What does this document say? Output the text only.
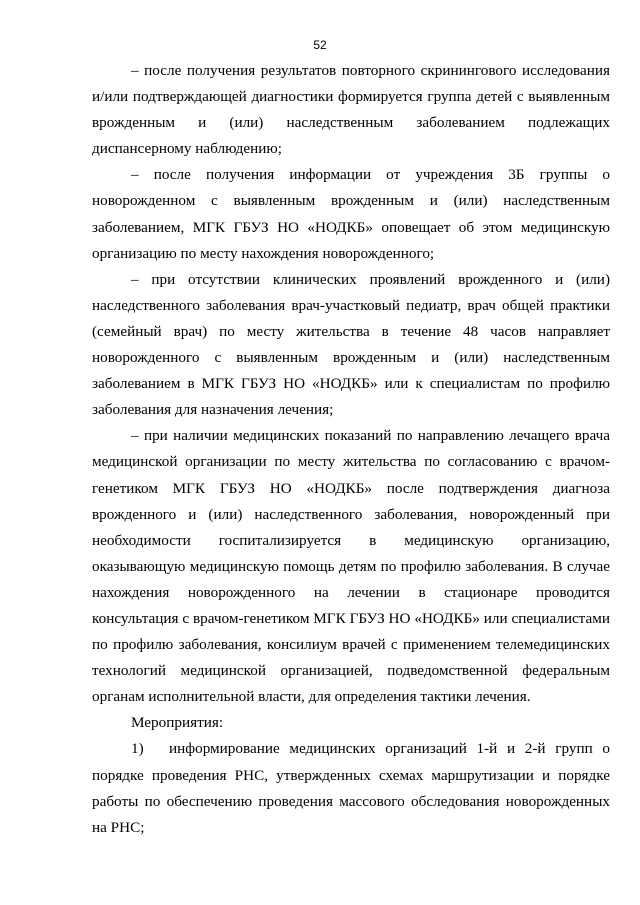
52

– после получения результатов повторного скринингового исследования и/или подтверждающей диагностики формируется группа детей с выявленным врожденным и (или) наследственным заболеванием подлежащих диспансерному наблюдению;

– после получения информации от учреждения 3Б группы о новорожденном с выявленным врожденным и (или) наследственным заболеванием, МГК ГБУЗ НО «НОДКБ» оповещает об этом медицинскую организацию по месту нахождения новорожденного;

– при отсутствии клинических проявлений врожденного и (или) наследственного заболевания врач-участковый педиатр, врач общей практики (семейный врач) по месту жительства в течение 48 часов направляет новорожденного с выявленным врожденным и (или) наследственным заболеванием в МГК ГБУЗ НО «НОДКБ» или к специалистам по профилю заболевания для назначения лечения;

– при наличии медицинских показаний по направлению лечащего врача медицинской организации по месту жительства по согласованию с врачом-генетиком МГК ГБУЗ НО «НОДКБ» после подтверждения диагноза врожденного и (или) наследственного заболевания, новорожденный при необходимости госпитализируется в медицинскую организацию, оказывающую медицинскую помощь детям по профилю заболевания. В случае нахождения новорожденного на лечении в стационаре проводится консультация с врачом-генетиком МГК ГБУЗ НО «НОДКБ» или специалистами по профилю заболевания, консилиум врачей с применением телемедицинских технологий медицинской организацией, подведомственной федеральным органам исполнительной власти, для определения тактики лечения.

Мероприятия:

1) информирование медицинских организаций 1-й и 2-й групп о порядке проведения РНС, утвержденных схемах маршрутизации и порядке работы по обеспечению проведения массового обследования новорожденных на РНС;
